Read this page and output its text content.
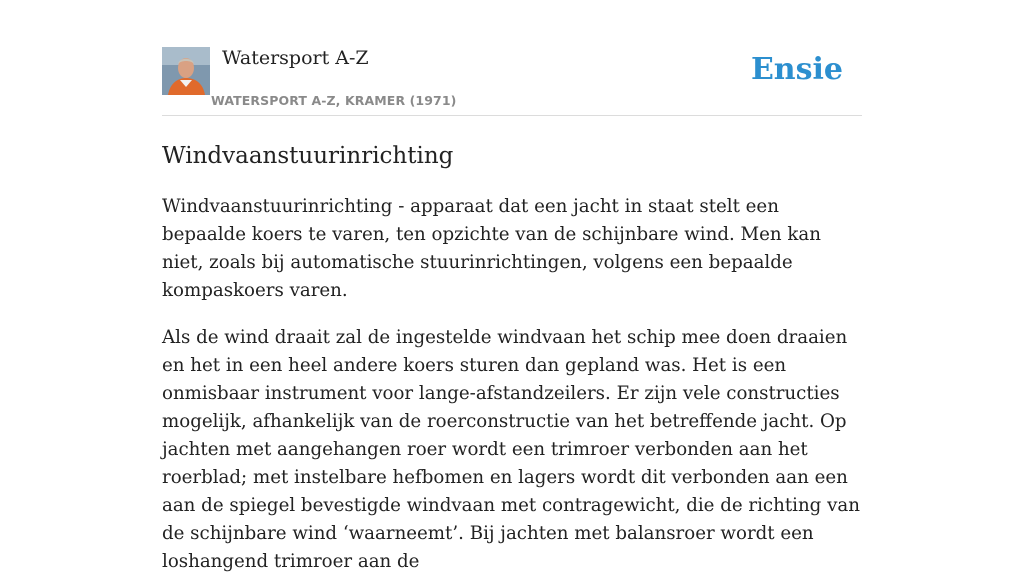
Watersport A-Z
WATERSPORT A-Z, KRAMER (1971)
Ensie
Windvaanstuurinrichting

Windvaanstuurinrichting - apparaat dat een jacht in staat stelt een bepaalde koers te varen, ten opzichte van de schijnbare wind. Men kan niet, zoals bij automatische stuurinrichtingen, volgens een bepaalde kompaskoers varen.

Als de wind draait zal de ingestelde windvaan het schip mee doen draaien en het in een heel andere koers sturen dan gepland was. Het is een onmisbaar instrument voor lange-afstandzeilers. Er zijn vele constructies mogelijk, afhankelijk van de roerconstructie van het betreffende jacht. Op jachten met aangehangen roer wordt een trimroer verbonden aan het roerblad; met instelbare hefbomen en lagers wordt dit verbonden aan een aan de spiegel bevestigde windvaan met contragewicht, die de richting van de schijnbare wind ‘waarneemt’. Bij jachten met balansroer wordt een loshangend trimroer aan de
